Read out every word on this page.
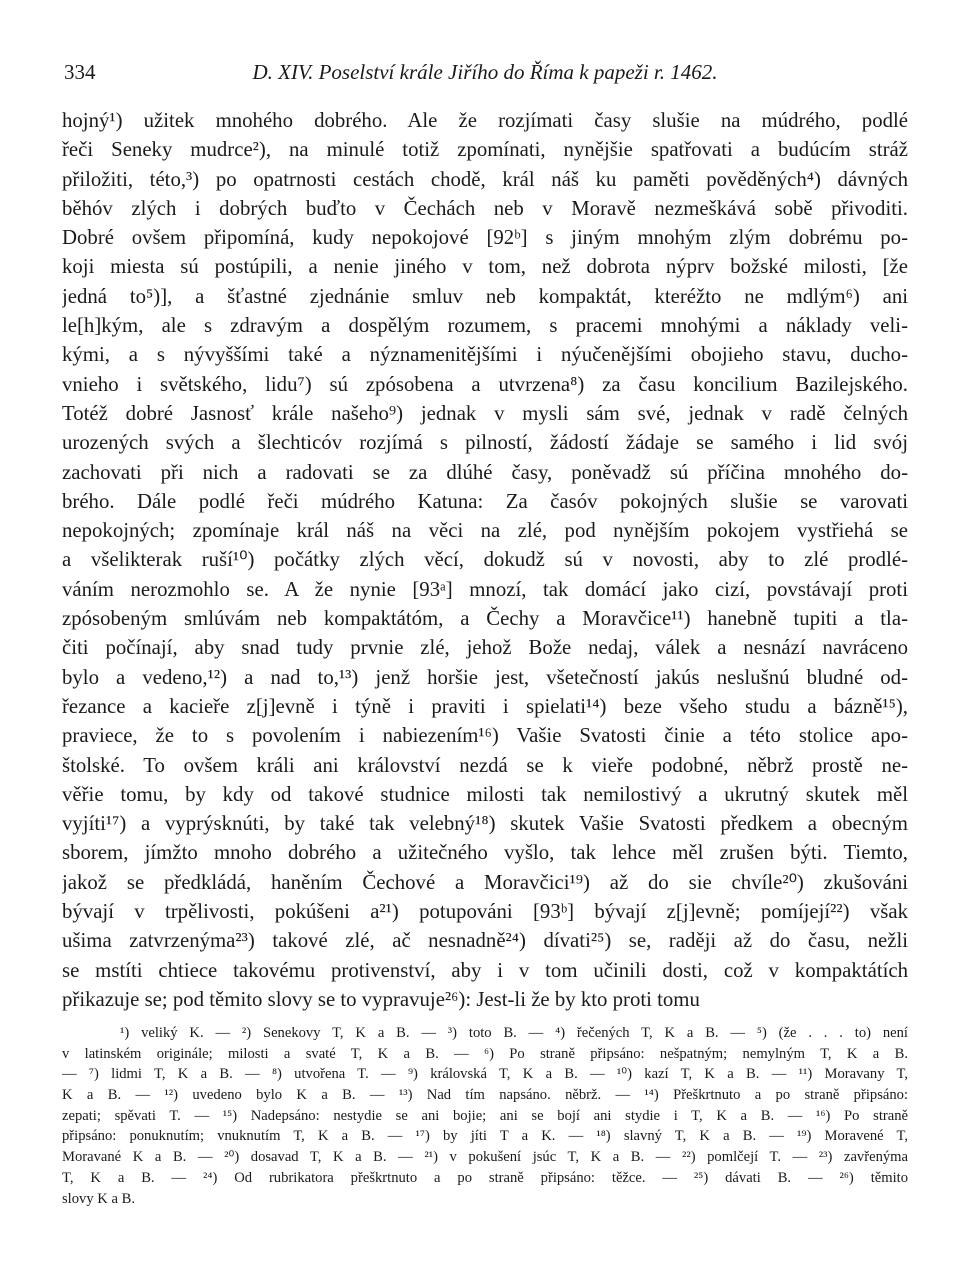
334	D. XIV. Poselství krále Jiřího do Říma k papeži r. 1462.
hojný¹) užitek mnohého dobrého. Ale že rozjímati časy slušie na múdrého, podlé
řeči Seneky mudrce²), na minulé totiž zpomínati, nynějšie spatřovati a budúcím stráž
přiložiti, této,³) po opatrnosti cestách chodě, král náš ku paměti pověděných⁴) dávných
běhóv zlých i dobrých buďto v Čechách neb v Moravě nezmeškává sobě přivoditi.
Dobré ovšem připomíná, kudy nepokojové [92ᵇ] s jiným mnohým zlým dobrému po-
koji miesta sú postúpili, a nenie jiného v tom, než dobrota nýprv božské milosti, [že
jedná to⁵)], a šťastné zjednánie smluv neb kompaktát, kteréžto ne mdlým⁶) ani
le[h]kým, ale s zdravým a dospělým rozumem, s pracemi mnohými a náklady veli-
kými, a s nývyššími také a nýznamenitějšími i nýučenějšími obojieho stavu, ducho-
vnieho i světského, lidu⁷) sú zpósobena a utvrzena⁸) za času koncilium Bazilejského.
Totéž dobré Jasnosť krále našeho⁹) jednak v mysli sám své, jednak v radě čelných
urozených svých a šlechticóv rozjímá s pilností, žádostí žádaje se samého i lid svój
zachovati při nich a radovati se za dlúhé časy, poněvadž sú příčina mnohého do-
brého. Dále podlé řeči múdrého Katuna: Za časóv pokojných slušie se varovati
nepokojných; zpomínaje král náš na věci na zlé, pod nynějším pokojem vystřiehá se
a všelikterak ruší¹⁰) počátky zlých věcí, dokudž sú v novosti, aby to zlé prodlé-
váním nerozmohlo se. A že nynie [93ᵃ] mnozí, tak domácí jako cizí, povstávají proti
zpósobeným smlúvám neb kompaktátóm, a Čechy a Moravčice¹¹) hanebně tupiti a tla-
čiti počínají, aby snad tudy prvnie zlé, jehož Bože nedaj, válek a nesnází navráceno
bylo a vedeno,¹²) a nad to,¹³) jenž horšie jest, všetečností jakús neslušnú bludné od-
řezance a kacieře z[j]evně i týně i praviti i spielati¹⁴) beze všeho studu a bázně¹⁵),
praviece, že to s povolením i nabiezením¹⁶) Vašie Svatosti činie a této stolice apo-
štolské. To ovšem králi ani království nezdá se k vieře podobné, něbrž prostě ne-
věřie tomu, by kdy od takové studnice milosti tak nemilostivý a ukrutný skutek měl
vyjíti¹⁷) a vyprýsknúti, by také tak velebný¹⁸) skutek Vašie Svatosti předkem a obecným
sborem, jímžto mnoho dobrého a užitečného vyšlo, tak lehce měl zrušen býti. Tiemto,
jakož se předkládá, haněním Čechové a Moravčici¹⁹) až do sie chvíle²⁰) zkušováni
bývají v trpělivosti, pokúšeni a²¹) potupováni [93ᵇ] bývají z[j]evně; pomíjejí²²) však
ušima zatvrzenýma²³) takové zlé, ač nesnadně²⁴) dívati²⁵) se, raději až do času, nežli
se mstíti chtiece takovému protivenství, aby i v tom učinili dosti, což v kompaktátích
přikazuje se; pod těmito slovy se to vypravuje²⁶): Jest-li že by kto proti tomu
¹) veliký K. — ²) Senekovy T, K a B. — ³) toto B. — ⁴) řečených T, K a B. — ⁵) (že . . . to) není
v latinském originále; milosti a svaté T, K a B. — ⁶) Po straně připsáno: nešpatným; nemylným T, K a B.
— ⁷) lidmi T, K a B. — ⁸) utvořena T. — ⁹) královská T, K a B. — ¹⁰) kazí T, K a B. — ¹¹) Moravany T,
K a B. — ¹²) uvedeno bylo K a B. — ¹³) Nad tím napsáno. něbrž. — ¹⁴) Přeškrtnuto a po straně připsáno:
zepati; spěvati T. — ¹⁵) Nadepsáno: nestydie se ani bojie; ani se bojí ani stydie i T, K a B. — ¹⁶) Po straně
připsáno: ponuknutím; vnuknutím T, K a B. — ¹⁷) by jíti T a K. — ¹⁸) slavný T, K a B. — ¹⁹) Moravené T,
Moravané K a B. — ²⁰) dosavad T, K a B. — ²¹) v pokušení jsúc T, K a B. — ²²) pomlčejí T. — ²³) zavřenýma
T, K a B. — ²⁴) Od rubrikatora přeškrtnuto a po straně připsáno: těžce. — ²⁵) dávati B. — ²⁶) těmito
slovy K a B.
